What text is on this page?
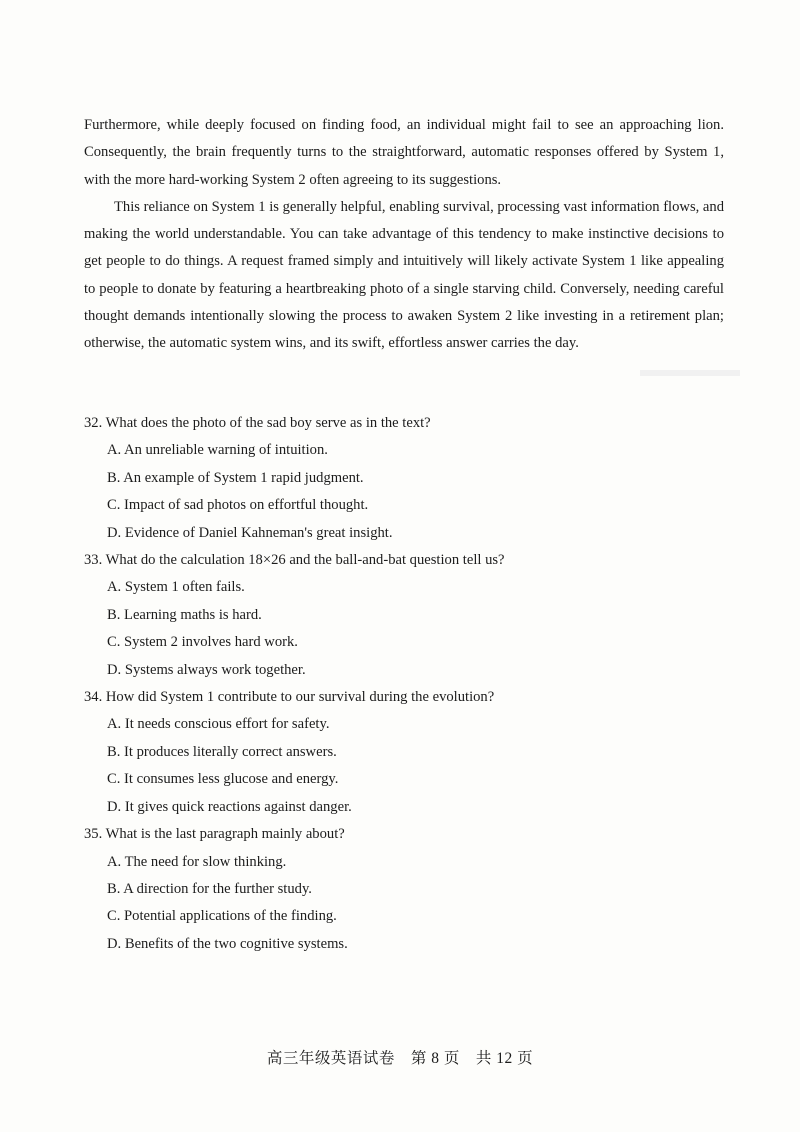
Furthermore, while deeply focused on finding food, an individual might fail to see an approaching lion. Consequently, the brain frequently turns to the straightforward, automatic responses offered by System 1, with the more hard-working System 2 often agreeing to its suggestions.

This reliance on System 1 is generally helpful, enabling survival, processing vast information flows, and making the world understandable. You can take advantage of this tendency to make instinctive decisions to get people to do things. A request framed simply and intuitively will likely activate System 1 like appealing to people to donate by featuring a heartbreaking photo of a single starving child. Conversely, needing careful thought demands intentionally slowing the process to awaken System 2 like investing in a retirement plan; otherwise, the automatic system wins, and its swift, effortless answer carries the day.

32. What does the photo of the sad boy serve as in the text?
A. An unreliable warning of intuition.
B. An example of System 1 rapid judgment.
C. Impact of sad photos on effortful thought.
D. Evidence of Daniel Kahneman's great insight.
33. What do the calculation 18×26 and the ball-and-bat question tell us?
A. System 1 often fails.
B. Learning maths is hard.
C. System 2 involves hard work.
D. Systems always work together.
34. How did System 1 contribute to our survival during the evolution?
A. It needs conscious effort for safety.
B. It produces literally correct answers.
C. It consumes less glucose and energy.
D. It gives quick reactions against danger.
35. What is the last paragraph mainly about?
A. The need for slow thinking.
B. A direction for the further study.
C. Potential applications of the finding.
D. Benefits of the two cognitive systems.
高三年级英语试卷　第 8 页　共 12 页
